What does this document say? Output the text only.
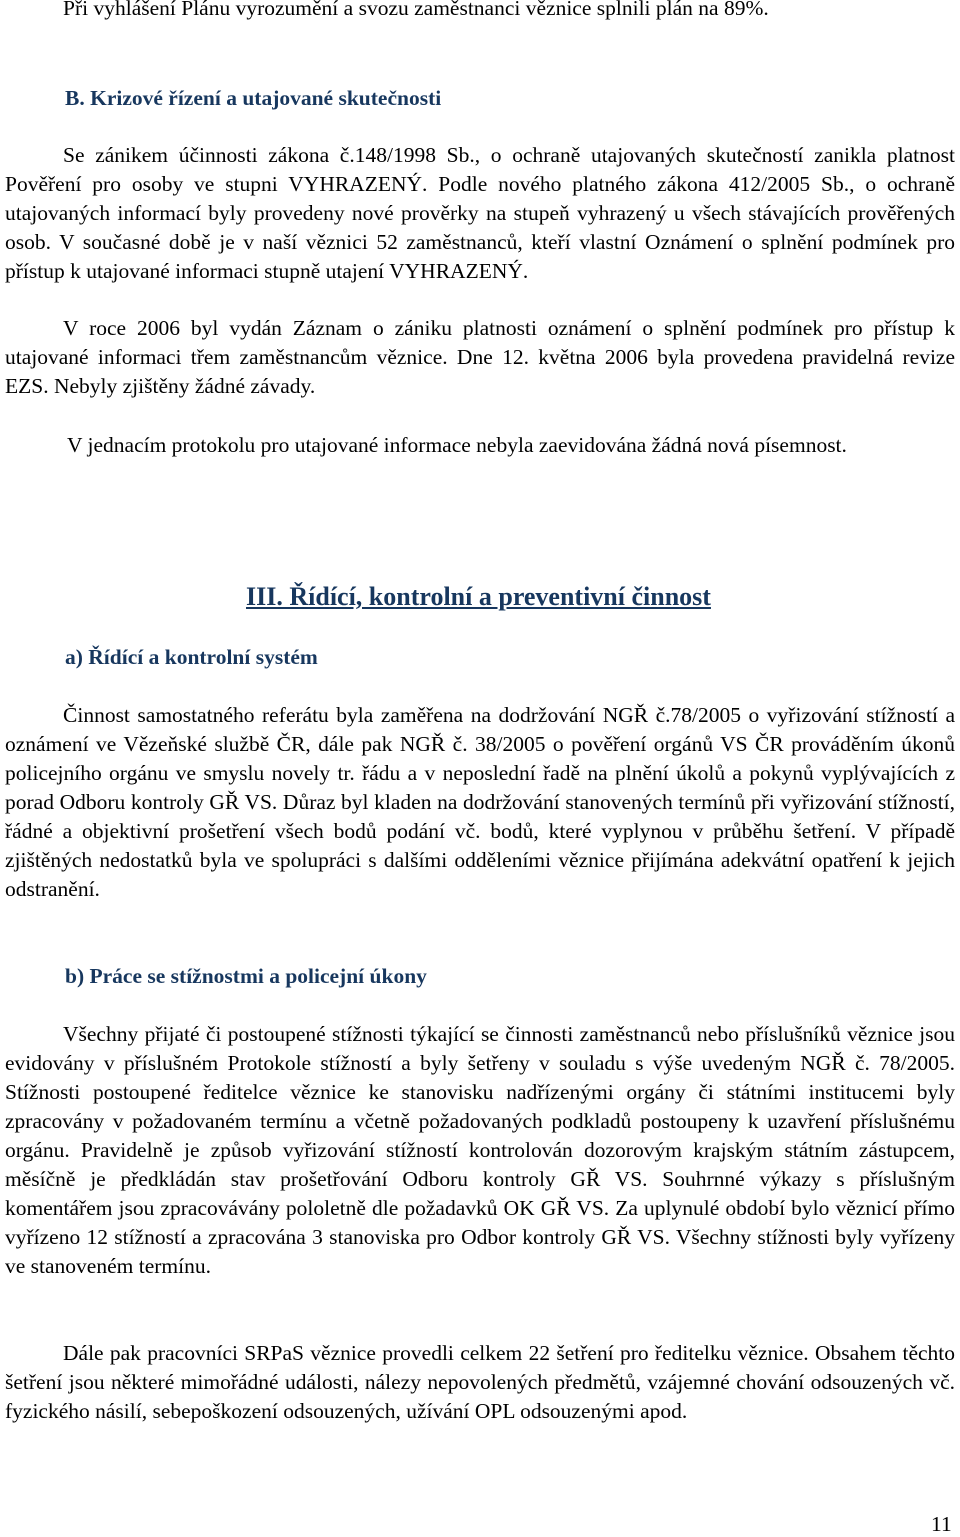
Při vyhlášení Plánu vyrozumění a svozu zaměstnanci věznice splnili plán na 89%.

B. Krizové řízení a utajované skutečnosti

Se zánikem účinnosti zákona č.148/1998 Sb., o ochraně utajovaných skutečností zanikla platnost Pověření pro osoby ve stupni VYHRAZENÝ. Podle nového platného zákona 412/2005 Sb., o ochraně utajovaných informací byly provedeny nové prověrky na stupeň vyhrazený u všech stávajících prověřených osob. V současné době je v naší věznici 52 zaměstnanců, kteří vlastní Oznámení o splnění podmínek pro přístup k utajované informaci stupně utajení VYHRAZENÝ.

V roce 2006 byl vydán Záznam o zániku platnosti oznámení o splnění podmínek pro přístup k utajované informaci třem zaměstnancům věznice. Dne 12. května 2006 byla provedena pravidelná revize EZS. Nebyly zjištěny žádné závady.

V jednacím protokolu pro utajované informace nebyla zaevidována žádná nová písemnost.

III. Řídící, kontrolní a preventivní činnost

a) Řídící a kontrolní systém

Činnost samostatného referátu byla zaměřena na dodržování NGŘ č.78/2005 o vyřizování stížností a oznámení ve Vězeňské službě ČR, dále pak NGŘ č. 38/2005 o pověření orgánů VS ČR prováděním úkonů policejního orgánu ve smyslu novely tr. řádu a v neposlední řadě na plnění úkolů a pokynů vyplývajících z porad Odboru kontroly GŘ VS. Důraz byl kladen na dodržování stanovených termínů při vyřizování stížností, řádné a objektivní prošetření všech bodů podání vč. bodů, které vyplynou v průběhu šetření. V případě zjištěných nedostatků byla ve spolupráci s dalšími odděleními věznice přijímána adekvátní opatření k jejich odstranění.

b) Práce se stížnostmi a policejní úkony

Všechny přijaté či postoupené stížnosti týkající se činnosti zaměstnanců nebo příslušníků věznice jsou evidovány v příslušném Protokole stížností a byly šetřeny v souladu s výše uvedeným NGŘ č. 78/2005. Stížnosti postoupené ředitelce věznice ke stanovisku nadřízenými orgány či státními institucemi byly zpracovány v požadovaném termínu a včetně požadovaných podkladů postoupeny k uzavření příslušnému orgánu. Pravidelně je způsob vyřizování stížností kontrolován dozorovým krajským státním zástupcem, měsíčně je předkládán stav prošetřování Odboru kontroly GŘ VS. Souhrnné výkazy s příslušným komentářem jsou zpracovávány pololetně dle požadavků OK GŘ VS. Za uplynulé období bylo věznicí přímo vyřízeno 12 stížností a zpracována 3 stanoviska pro Odbor kontroly GŘ VS. Všechny stížnosti byly vyřízeny ve stanoveném termínu.

Dále pak pracovníci SRPaS věznice provedli celkem 22 šetření pro ředitelku věznice. Obsahem těchto šetření jsou některé mimořádné události, nálezy nepovolených předmětů, vzájemné chování odsouzených vč. fyzického násilí, sebepoškození odsouzených, užívání OPL odsouzenými apod.

11
